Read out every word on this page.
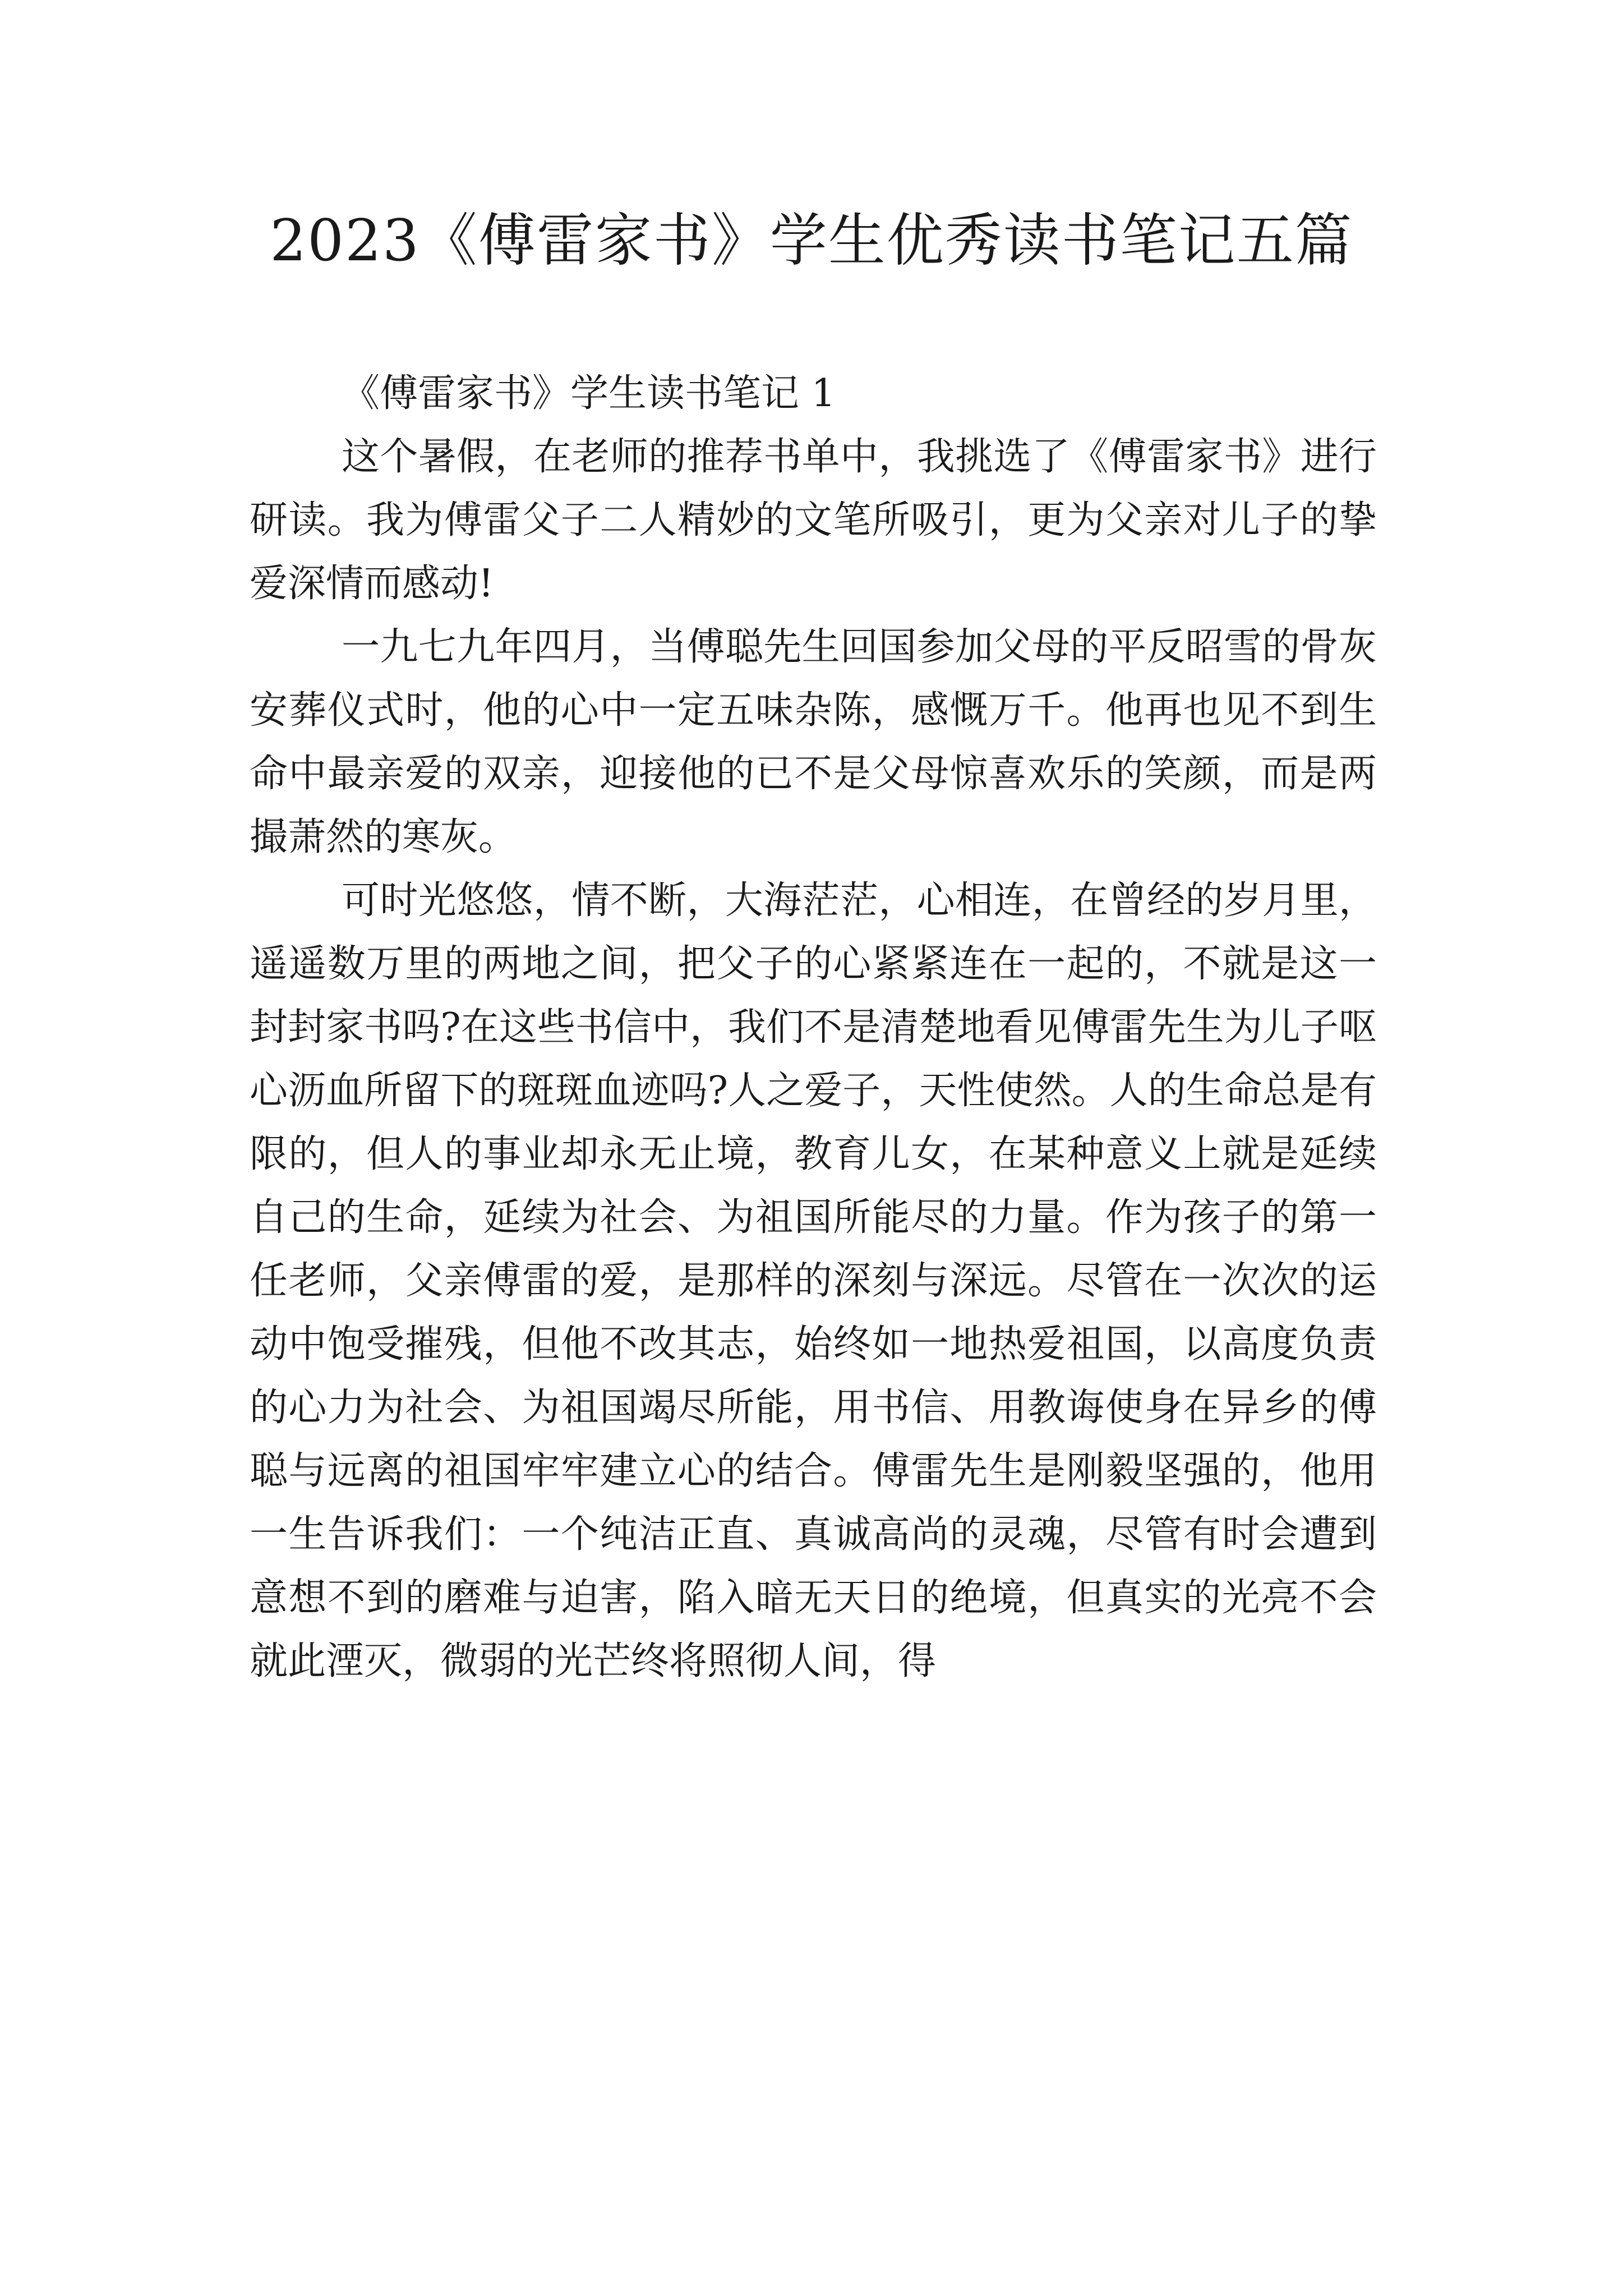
2023《傅雷家书》学生优秀读书笔记五篇

《傅雷家书》学生读书笔记 1

这个暑假，在老师的推荐书单中，我挑选了《傅雷家书》进行研读。我为傅雷父子二人精妙的文笔所吸引，更为父亲对儿子的挚爱深情而感动!

一九七九年四月，当傅聪先生回国参加父母的平反昭雪的骨灰安葬仪式时，他的心中一定五味杂陈，感慨万千。他再也见不到生命中最亲爱的双亲，迎接他的已不是父母惊喜欢乐的笑颜，而是两撮萧然的寒灰。

可时光悠悠，情不断，大海茫茫，心相连，在曾经的岁月里，遥遥数万里的两地之间，把父子的心紧紧连在一起的，不就是这一封封家书吗?在这些书信中，我们不是清楚地看见傅雷先生为儿子呕心沥血所留下的斑斑血迹吗?人之爱子，天性使然。人的生命总是有限的，但人的事业却永无止境，教育儿女，在某种意义上就是延续自己的生命，延续为社会、为祖国所能尽的力量。作为孩子的第一任老师，父亲傅雷的爱，是那样的深刻与深远。尽管在一次次的运动中饱受摧残，但他不改其志，始终如一地热爱祖国，以高度负责的心力为社会、为祖国竭尽所能，用书信、用教诲使身在异乡的傅聪与远离的祖国牢牢建立心的结合。傅雷先生是刚毅坚强的，他用一生告诉我们：一个纯洁正直、真诚高尚的灵魂，尽管有时会遭到意想不到的磨难与迫害，陷入暗无天日的绝境，但真实的光亮不会就此湮灭，微弱的光芒终将照彻人间，得
